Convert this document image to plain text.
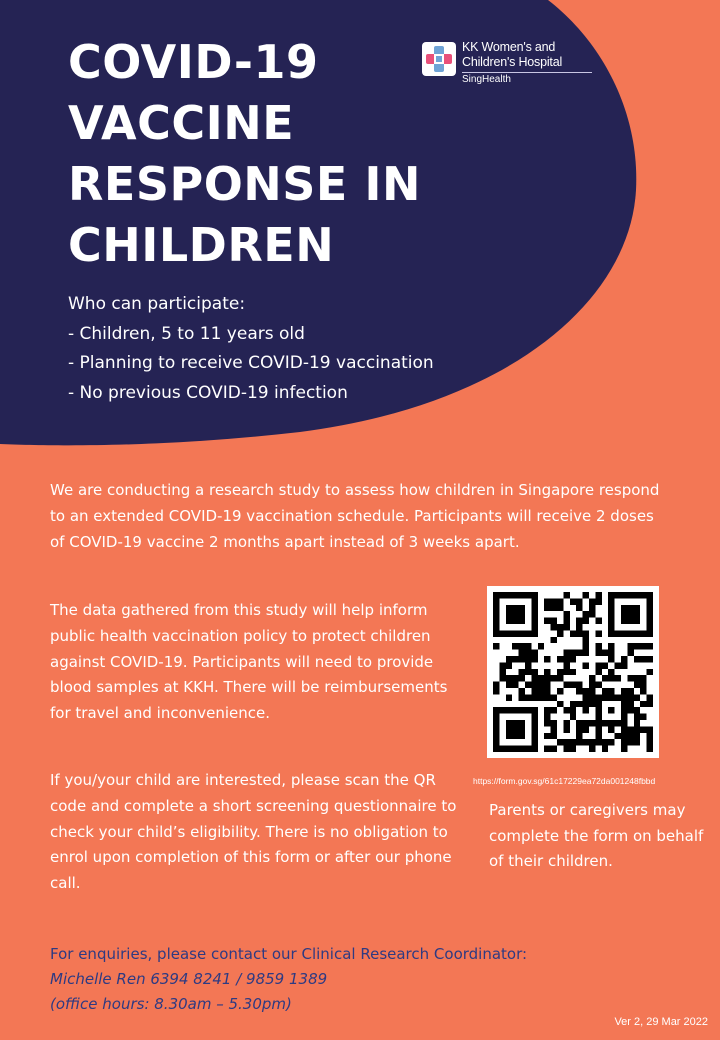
COVID-19
VACCINE
RESPONSE IN
CHILDREN
KK Women's and
Children's Hospital
SingHealth
Who can participate:
- Children, 5 to 11 years old
- Planning to receive COVID-19 vaccination
- No previous COVID-19 infection

We are conducting a research study to assess how children in Singapore respond to an extended COVID-19 vaccination schedule. Participants will receive 2 doses of COVID-19 vaccine 2 months apart instead of 3 weeks apart.

The data gathered from this study will help inform public health vaccination policy to protect children against COVID-19. Participants will need to provide blood samples at KKH. There will be reimbursements for travel and inconvenience.

If you/your child are interested, please scan the QR code and complete a short screening questionnaire to check your child’s eligibility. There is no obligation to enrol upon completion of this form or after our phone call.

https://form.gov.sg/61c17229ea72da001248fbbd
Parents or caregivers may complete the form on behalf of their children.
For enquiries, please contact our Clinical Research Coordinator:
Michelle Ren 6394 8241 / 9859 1389
(office hours: 8.30am – 5.30pm)
Ver 2, 29 Mar 2022
